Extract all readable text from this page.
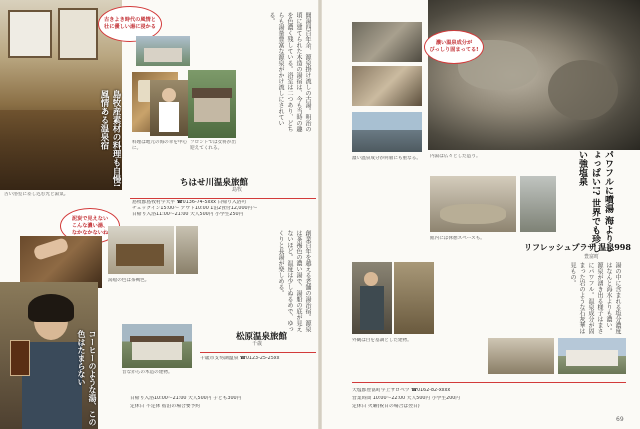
古い浴室に差し込む光と湯気。
古きよき時代の風情と
壮に優しい湯に浸かる
島牧産素材の料理も自慢!風情ある温泉宿	料理は地元の海の幸を中心に。
フロントでは女将が出迎えてくれる。
開湯四百年余、源泉掛け流しの古湯。明治の頃に建てられた木造の湯宿は、今も当時の趣を色濃く残している。浴室は二つあり、どちらも湯量豊富な源泉がかけ流しにされている。
ちはせ川温泉旅館
島牧
島牧郡島牧村字大平 ☎0136-74-5xxx 日帰り入浴可
チェックイン15:00〜 アウト10:00 1泊2食付12,000円〜
日帰り入浴11:00〜21:00 大人500円 小学生250円
泥炭で見えない
こんな濃い湯、
なかなかないね
湯船の色は茶褐色。
コーヒーのような湯、この色はたまらない	昔ながらの木造の建物。
創業百年を越える老舗の湯治宿。源泉は茶褐色の濃い湯で、湯船の底が見えないほど。温度は少しぬるめで、ゆっくりと長湯が楽しめる。
松原温泉旅館
千歳
千歳市支笏湖温泉 ☎0123-25-25xx
日帰り入浴10:00〜21:00 大人500円 子ども300円
定休日 不定休 宿泊の場合要予約
濃い温泉成分が何層にも重なる。
濃い温泉成分が
びっしり固まってる!
内湯は広々とした造り。	パワフルに噴湯 海よりしょっぱい!? 世界でも珍しい強塩泉
館内には休憩スペースも。
リフレッシュプラザ 温泉998
豊富町
湯の中に含まれる塩分濃度はなんと海水よりも濃い。源泉が湧き出る様子はまさにパワフル。温泉成分が固まった岩のような石灰華は見もの。
外観は白を基調とした建物。
天塩郡豊富町字上サロベツ ☎0162-82-xxxx
営業時間 10:00〜22:00 大人500円 小学生200円
定休日 火曜(祝日の場合は翌日)
69
